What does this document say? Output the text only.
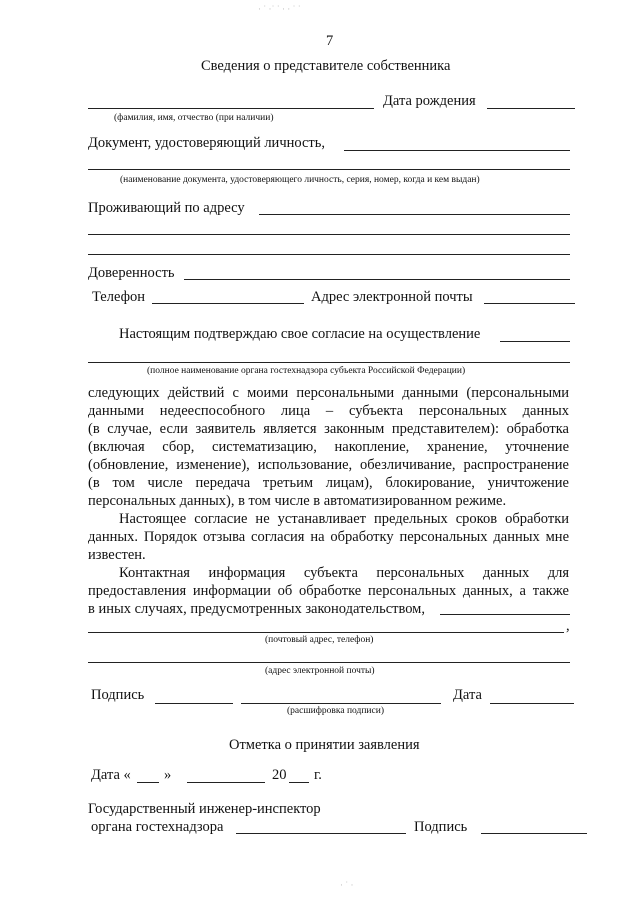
· ˙ ·˙ ˙ · · ˙ ˙
· ˙ ·
7
Сведения о представителе собственника
Дата рождения
(фамилия, имя, отчество (при наличии)
Документ, удостоверяющий личность,
(наименование документа, удостоверяющего личность, серия, номер, когда и кем выдан)
Проживающий по адресу
Доверенность
Телефон	Адрес электронной почты
Настоящим подтверждаю свое согласие на осуществление
(полное наименование органа гостехнадзора субъекта Российской Федерации)
следующих действий с моими персональными данными (персональными
данными недееспособного лица – субъекта персональных данных
(в случае, если заявитель является законным представителем): обработка
(включая сбор, систематизацию, накопление, хранение, уточнение
(обновление, изменение), использование, обезличивание, распространение
(в том числе передача третьим лицам), блокирование, уничтожение
персональных данных), в том числе в автоматизированном режиме.
Настоящее согласие не устанавливает предельных сроков обработки
данных. Порядок отзыва согласия на обработку персональных данных мне
известен.
Контактная информация субъекта персональных данных для
предоставления информации об обработке персональных данных, а также
в иных случаях, предусмотренных законодательством,
,
(почтовый адрес, телефон)
(адрес электронной почты)
Подпись	Дата
(расшифровка подписи)
Отметка о принятии заявления
Дата « »	20 г.
Государственный инженер-инспектор
органа гостехнадзора	Подпись
